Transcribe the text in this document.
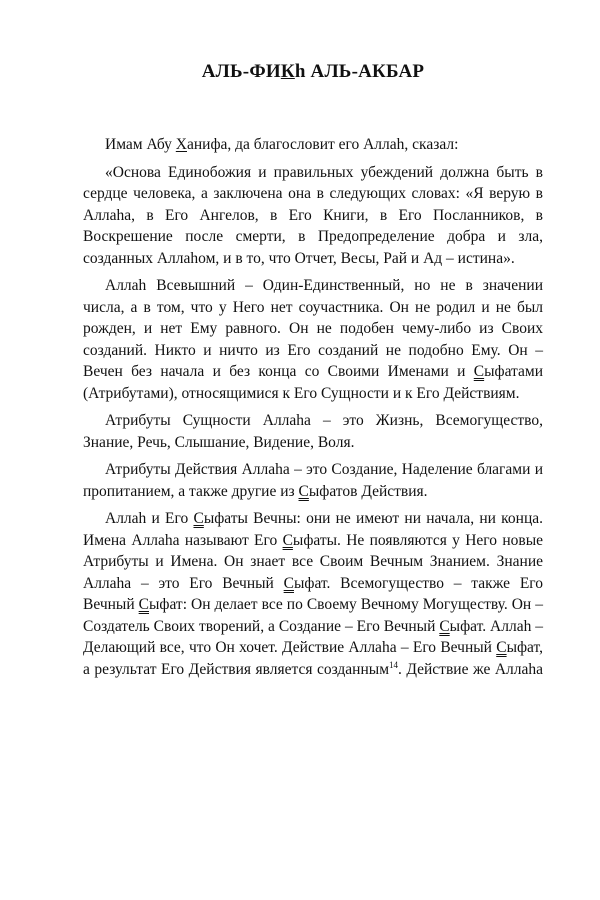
АЛЬ-ФИКh АЛЬ-АКБАР

Имам Абу Ханифа, да благословит его Аллаh, сказал:

«Основа Единобожия и правильных убеждений должна быть в сердце человека, а заключена она в следующих словах: «Я верую в Аллаhа, в Его Ангелов, в Его Книги, в Его Посланников, в Воскрешение после смерти, в Предопределение добра и зла, созданных Аллаhом, и в то, что Отчет, Весы, Рай и Ад – истина».

Аллаh Всевышний – Один-Единственный, но не в значении числа, а в том, что у Него нет соучастника. Он не родил и не был рожден, и нет Ему равного. Он не подобен чему-либо из Своих созданий. Никто и ничто из Его созданий не подобно Ему. Он – Вечен без начала и без конца со Своими Именами и Сыфатами (Атрибутами), относящимися к Его Сущности и к Его Действиям.

Атрибуты Сущности Аллаhа – это Жизнь, Всемогущество, Знание, Речь, Слышание, Видение, Воля.

Атрибуты Действия Аллаhа – это Создание, Наделение благами и пропитанием, а также другие из Сыфатов Действия.

Аллаh и Его Сыфаты Вечны: они не имеют ни начала, ни конца. Имена Аллаhа называют Его Сыфаты. Не появляются у Него новые Атрибуты и Имена. Он знает все Своим Вечным Знанием. Знание Аллаhа – это Его Вечный Сыфат. Всемогущество – также Его Вечный Сыфат: Он делает все по Своему Вечному Могуществу. Он – Создатель Своих творений, а Создание – Его Вечный Сыфат. Аллаh – Делающий все, что Он хочет. Действие Аллаhа – Его Вечный Сыфат, а результат Его Действия является созданным$^{14}$. Действие же Аллаhа
